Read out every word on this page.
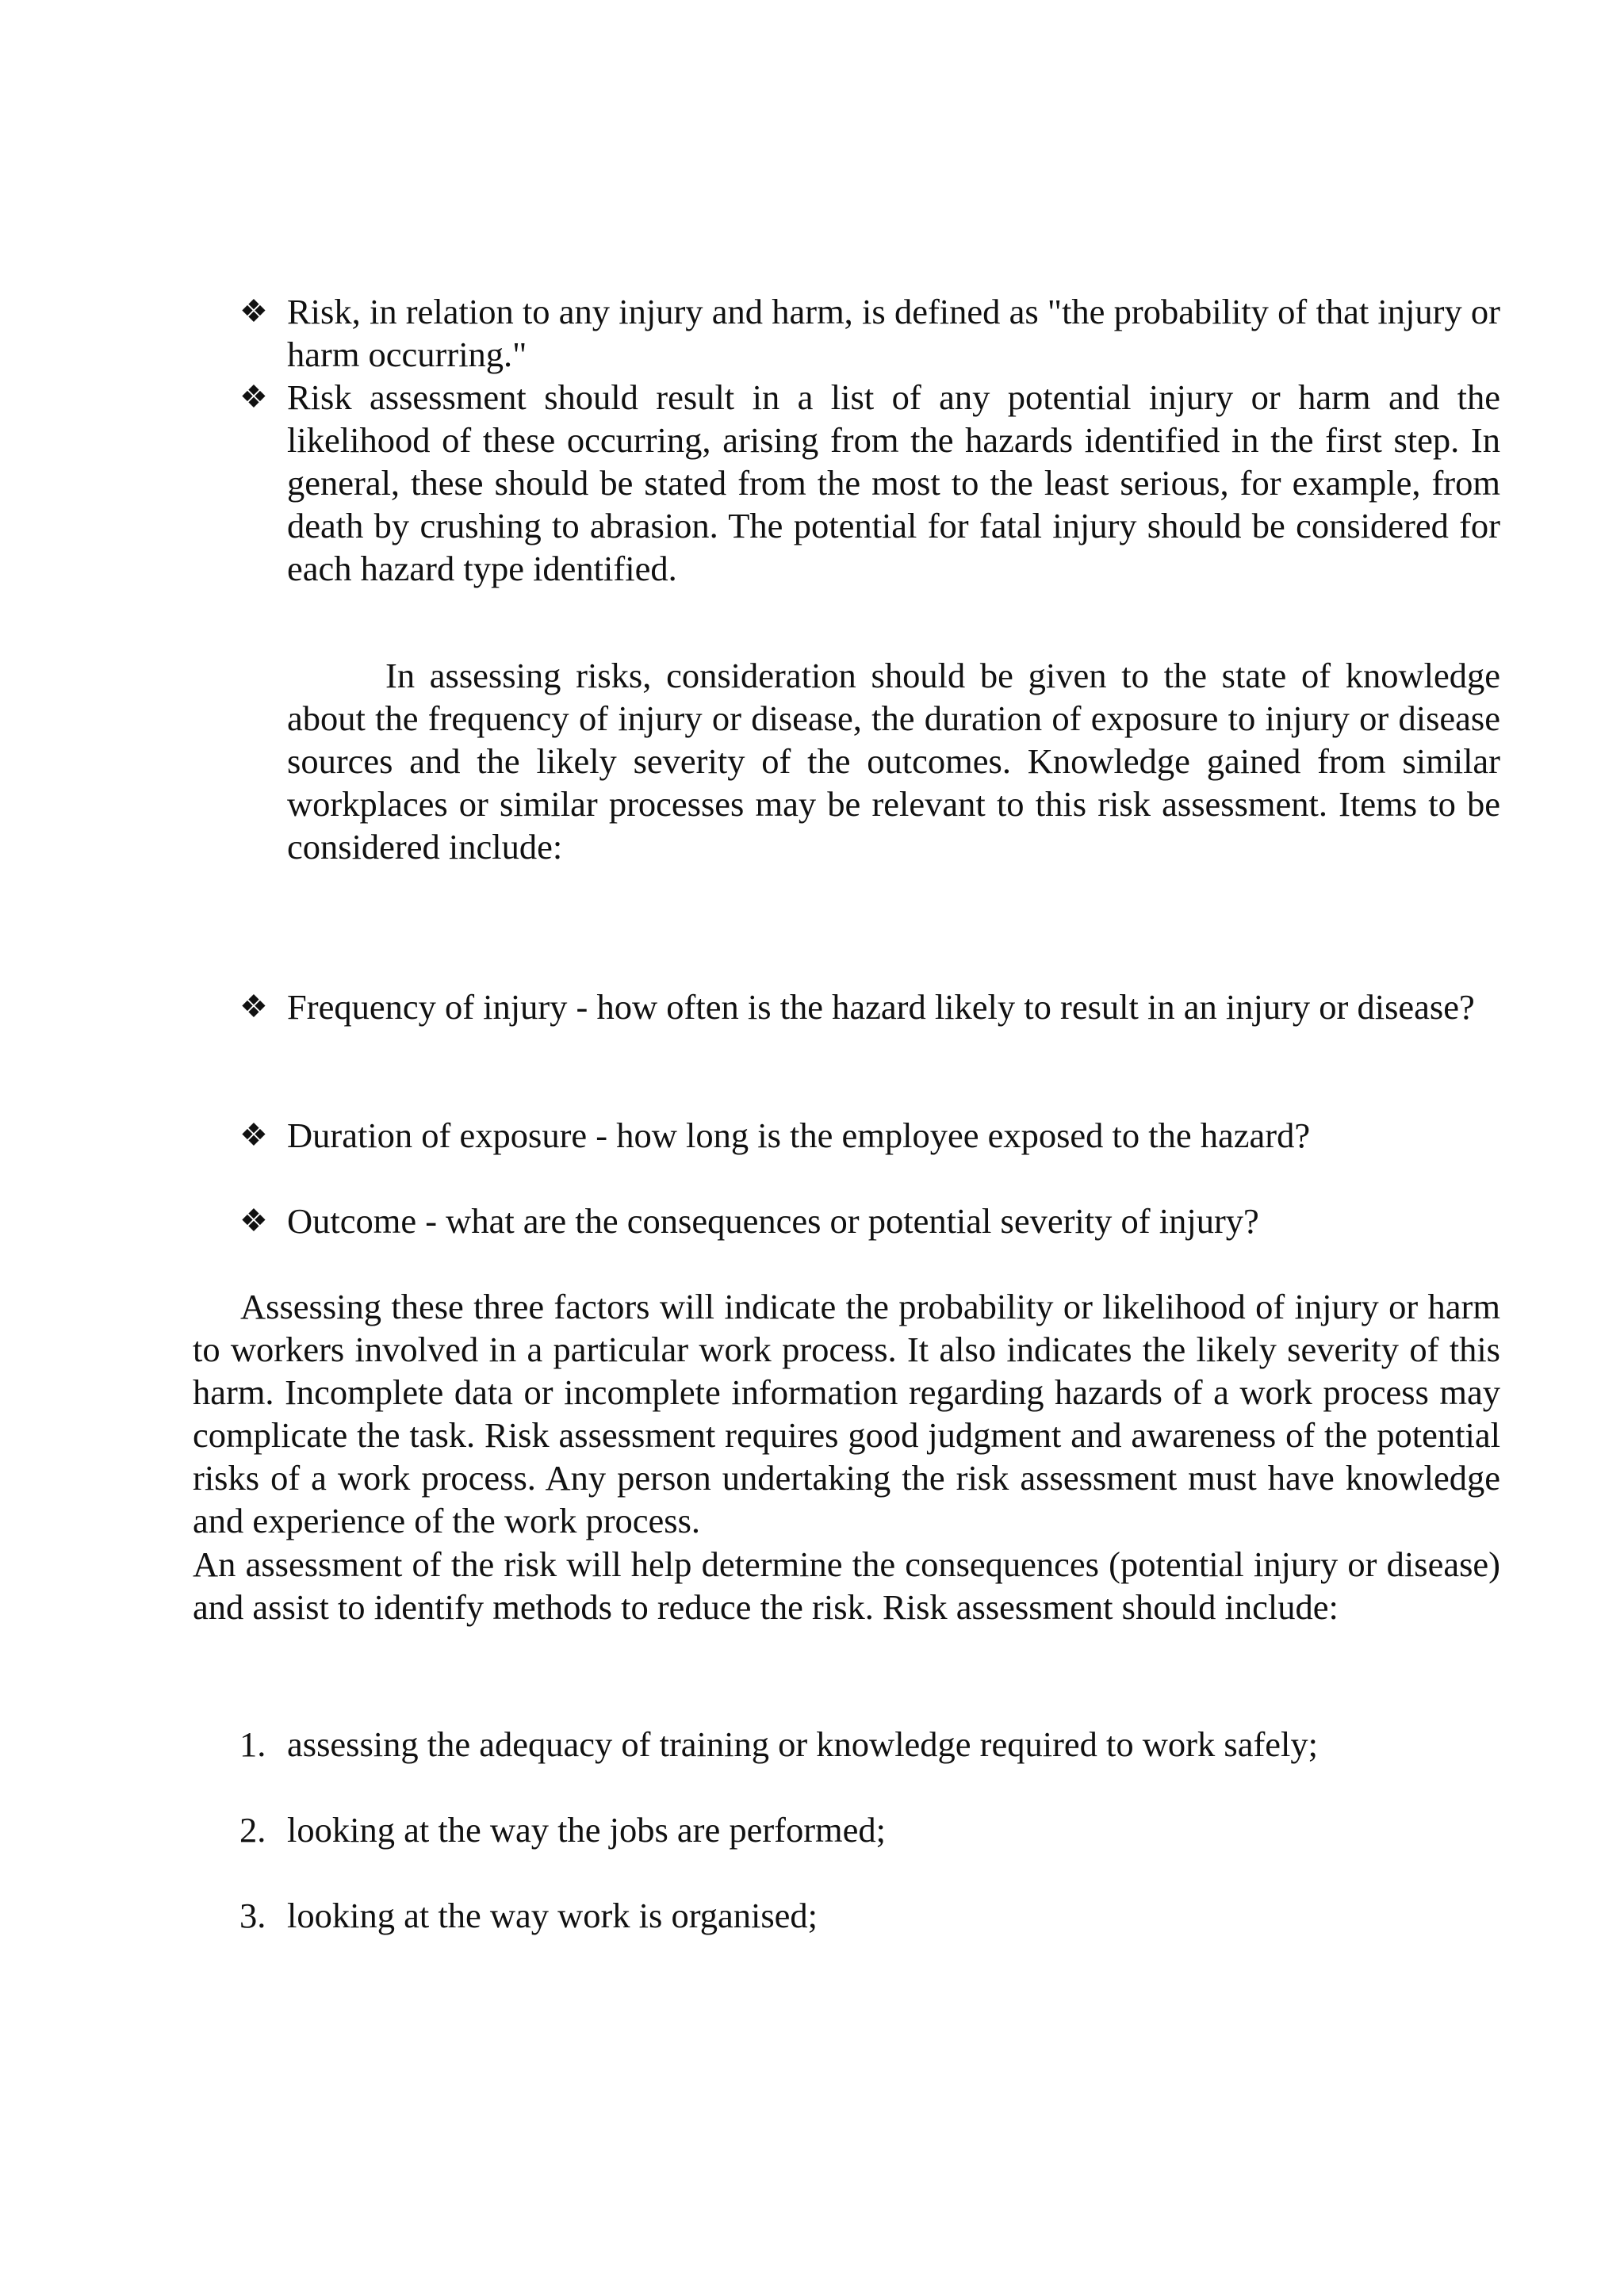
❖ Risk, in relation to any injury and harm, is defined as "the probability of that injury or harm occurring."
❖ Risk assessment should result in a list of any potential injury or harm and the likelihood of these occurring, arising from the hazards identified in the first step. In general, these should be stated from the most to the least serious, for example, from death by crushing to abrasion. The potential for fatal injury should be considered for each hazard type identified.
In assessing risks, consideration should be given to the state of knowledge about the frequency of injury or disease, the duration of exposure to injury or disease sources and the likely severity of the outcomes. Knowledge gained from similar workplaces or similar processes may be relevant to this risk assessment. Items to be considered include:
❖ Frequency of injury - how often is the hazard likely to result in an injury or disease?
❖ Duration of exposure - how long is the employee exposed to the hazard?
❖ Outcome - what are the consequences or potential severity of injury?
Assessing these three factors will indicate the probability or likelihood of injury or harm to workers involved in a particular work process. It also indicates the likely severity of this harm. Incomplete data or incomplete information regarding hazards of a work process may complicate the task. Risk assessment requires good judgment and awareness of the potential risks of a work process. Any person undertaking the risk assessment must have knowledge and experience of the work process.
An assessment of the risk will help determine the consequences (potential injury or disease) and assist to identify methods to reduce the risk. Risk assessment should include:
1. assessing the adequacy of training or knowledge required to work safely;
2. looking at the way the jobs are performed;
3. looking at the way work is organised;
